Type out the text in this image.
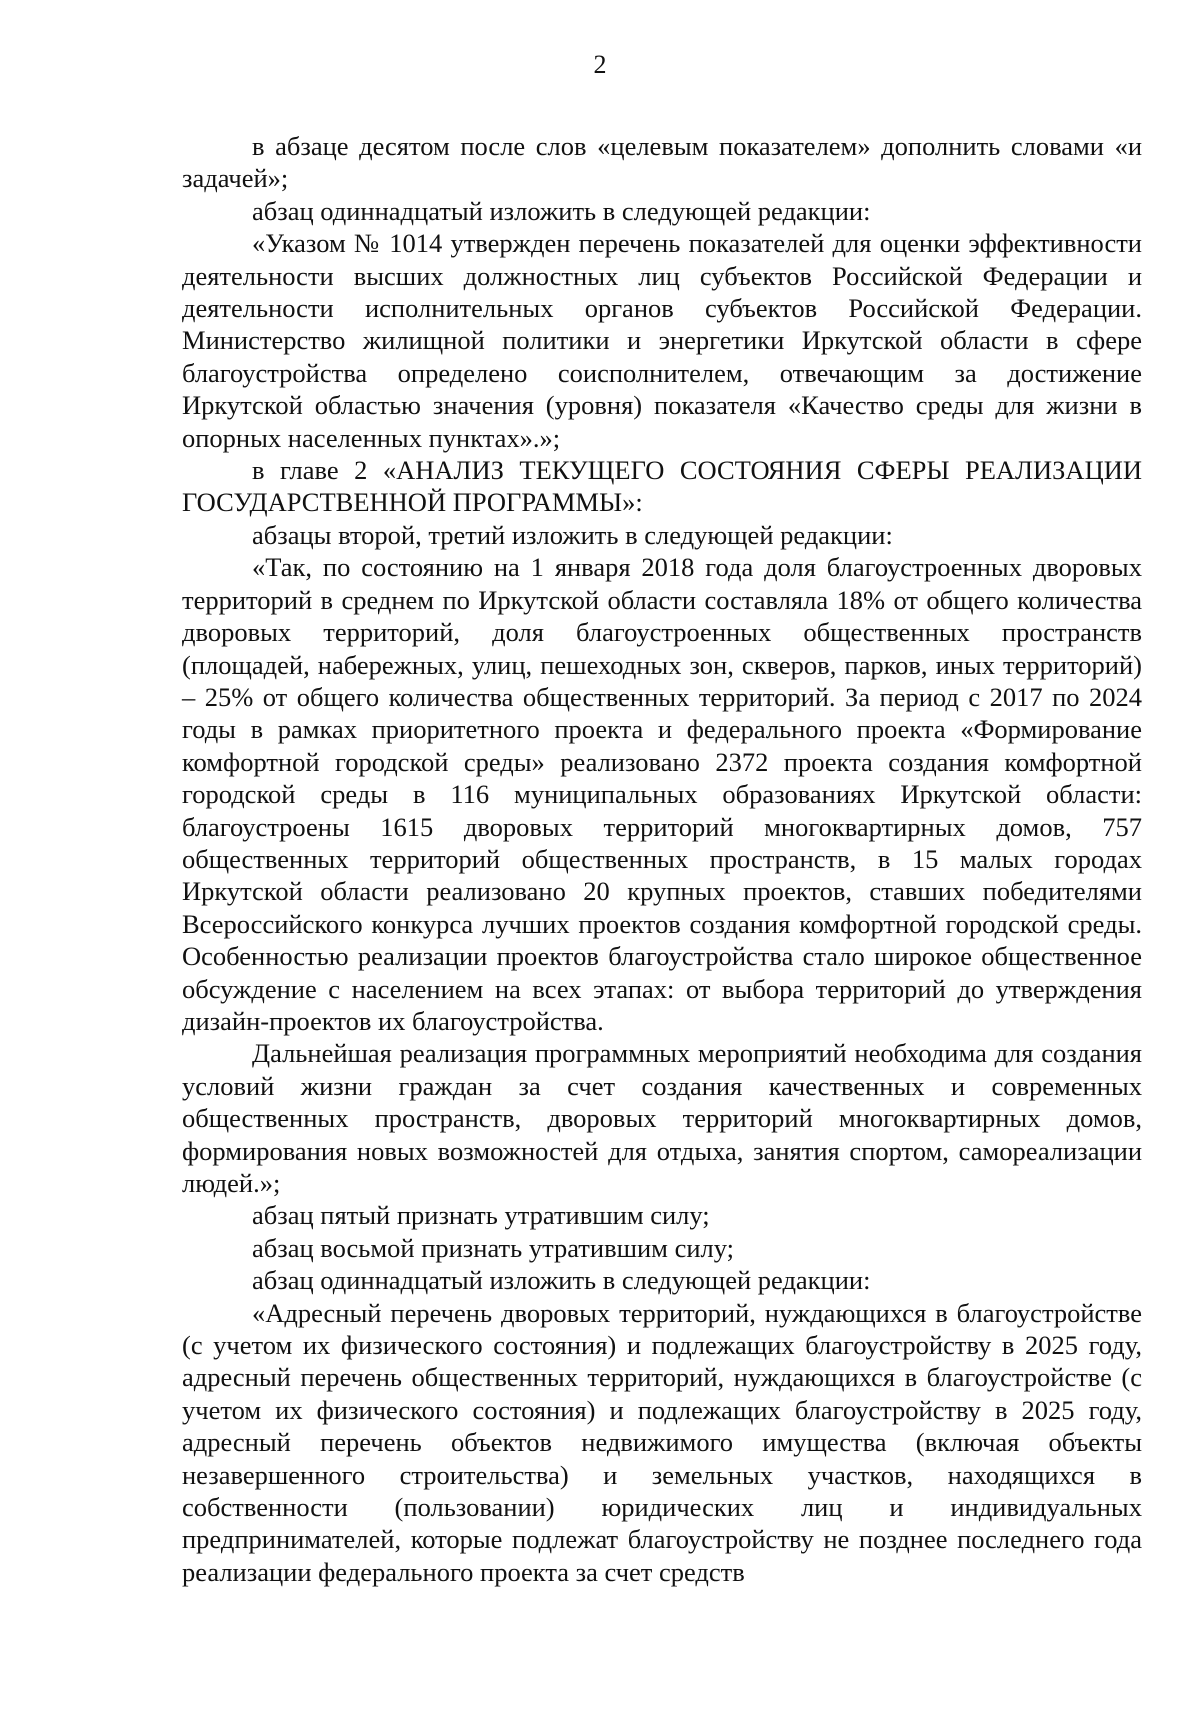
2

в абзаце десятом после слов «целевым показателем» дополнить словами «и задачей»;

абзац одиннадцатый изложить в следующей редакции:

«Указом № 1014 утвержден перечень показателей для оценки эффективности деятельности высших должностных лиц субъектов Российской Федерации и деятельности исполнительных органов субъектов Российской Федерации. Министерство жилищной политики и энергетики Иркутской области в сфере благоустройства определено соисполнителем, отвечающим за достижение Иркутской областью значения (уровня) показателя «Качество среды для жизни в опорных населенных пунктах».»;

в главе 2 «АНАЛИЗ ТЕКУЩЕГО СОСТОЯНИЯ СФЕРЫ РЕАЛИЗАЦИИ ГОСУДАРСТВЕННОЙ ПРОГРАММЫ»:

абзацы второй, третий изложить в следующей редакции:

«Так, по состоянию на 1 января 2018 года доля благоустроенных дворовых территорий в среднем по Иркутской области составляла 18% от общего количества дворовых территорий, доля благоустроенных общественных пространств (площадей, набережных, улиц, пешеходных зон, скверов, парков, иных территорий) – 25% от общего количества общественных территорий. За период с 2017 по 2024 годы в рамках приоритетного проекта и федерального проекта «Формирование комфортной городской среды» реализовано 2372 проекта создания комфортной городской среды в 116 муниципальных образованиях Иркутской области: благоустроены 1615 дворовых территорий многоквартирных домов, 757 общественных территорий общественных пространств, в 15 малых городах Иркутской области реализовано 20 крупных проектов, ставших победителями Всероссийского конкурса лучших проектов создания комфортной городской среды. Особенностью реализации проектов благоустройства стало широкое общественное обсуждение с населением на всех этапах: от выбора территорий до утверждения дизайн-проектов их благоустройства.

Дальнейшая реализация программных мероприятий необходима для создания условий жизни граждан за счет создания качественных и современных общественных пространств, дворовых территорий многоквартирных домов, формирования новых возможностей для отдыха, занятия спортом, самореализации людей.»;

абзац пятый признать утратившим силу;

абзац восьмой признать утратившим силу;

абзац одиннадцатый изложить в следующей редакции:

«Адресный перечень дворовых территорий, нуждающихся в благоустройстве (с учетом их физического состояния) и подлежащих благоустройству в 2025 году, адресный перечень общественных территорий, нуждающихся в благоустройстве (с учетом их физического состояния) и подлежащих благоустройству в 2025 году, адресный перечень объектов недвижимого имущества (включая объекты незавершенного строительства) и земельных участков, находящихся в собственности (пользовании) юридических лиц и индивидуальных предпринимателей, которые подлежат благоустройству не позднее последнего года реализации федерального проекта за счет средств
